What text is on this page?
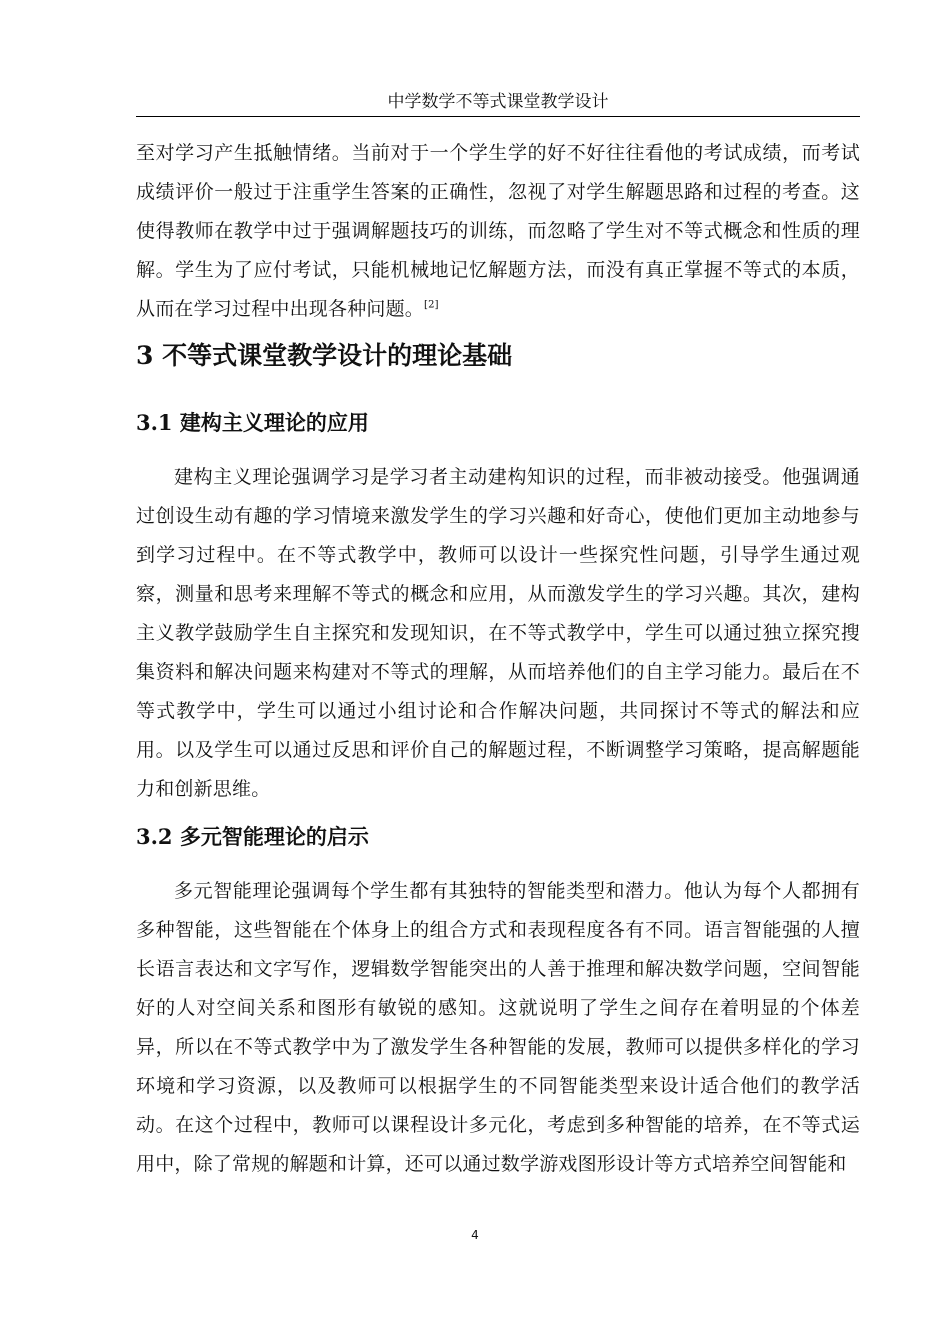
中学数学不等式课堂教学设计
至对学习产生抵触情绪。当前对于一个学生学的好不好往往看他的考试成绩，而考试成绩评价一般过于注重学生答案的正确性，忽视了对学生解题思路和过程的考查。这使得教师在教学中过于强调解题技巧的训练，而忽略了学生对不等式概念和性质的理解。学生为了应付考试，只能机械地记忆解题方法，而没有真正掌握不等式的本质，从而在学习过程中出现各种问题。[2]
3 不等式课堂教学设计的理论基础
3.1 建构主义理论的应用
建构主义理论强调学习是学习者主动建构知识的过程，而非被动接受。他强调通过创设生动有趣的学习情境来激发学生的学习兴趣和好奇心，使他们更加主动地参与到学习过程中。在不等式教学中，教师可以设计一些探究性问题，引导学生通过观察，测量和思考来理解不等式的概念和应用，从而激发学生的学习兴趣。其次，建构主义教学鼓励学生自主探究和发现知识，在不等式教学中，学生可以通过独立探究搜集资料和解决问题来构建对不等式的理解，从而培养他们的自主学习能力。最后在不等式教学中，学生可以通过小组讨论和合作解决问题，共同探讨不等式的解法和应用。以及学生可以通过反思和评价自己的解题过程，不断调整学习策略，提高解题能力和创新思维。
3.2 多元智能理论的启示
多元智能理论强调每个学生都有其独特的智能类型和潜力。他认为每个人都拥有多种智能，这些智能在个体身上的组合方式和表现程度各有不同。语言智能强的人擅长语言表达和文字写作，逻辑数学智能突出的人善于推理和解决数学问题，空间智能好的人对空间关系和图形有敏锐的感知。这就说明了学生之间存在着明显的个体差异，所以在不等式教学中为了激发学生各种智能的发展，教师可以提供多样化的学习环境和学习资源，以及教师可以根据学生的不同智能类型来设计适合他们的教学活动。在这个过程中，教师可以课程设计多元化，考虑到多种智能的培养，在不等式运用中，除了常规的解题和计算，还可以通过数学游戏图形设计等方式培养空间智能和
4
